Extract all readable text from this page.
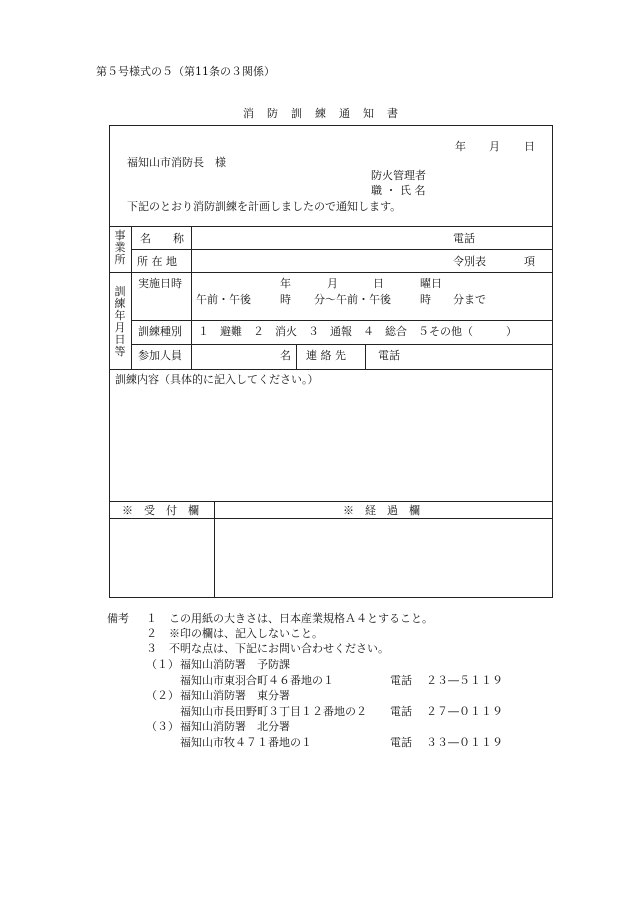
第５号様式の５（第11条の３関係）
消　防　訓　練　通　知　書
年 月 日
福知山市消防長　様
防火管理者
職 ・ 氏 名
下記のとおり消防訓練を計画しましたので通知します。
事業所
名　　称	電話
所 在 地	令別表	項
訓練年月日等
実施日時	年	月	日	曜日
午前・午後	時 分〜午前・午後	時 分まで
訓練種別 １　避難　２　消火　３　通報　４　総合　５その他（　　　）
参加人員	名 連 絡 先	電話
訓練内容（具体的に記入してください。）
※　受　付　欄	※　経　過　欄
備考 １ この用紙の大きさは、日本産業規格Ａ４とすること。
２ ※印の欄は、記入しないこと。
３ 不明な点は、下記にお問い合わせください。
（１） 福知山消防署　予防課
福知山市東羽合町４６番地の１	電話 ２３―５１１９
（２） 福知山消防署　東分署
福知山市長田野町３丁目１２番地の２ 電話 ２７―０１１９
（３） 福知山消防署　北分署
福知山市牧４７１番地の１	電話 ３３―０１１９
